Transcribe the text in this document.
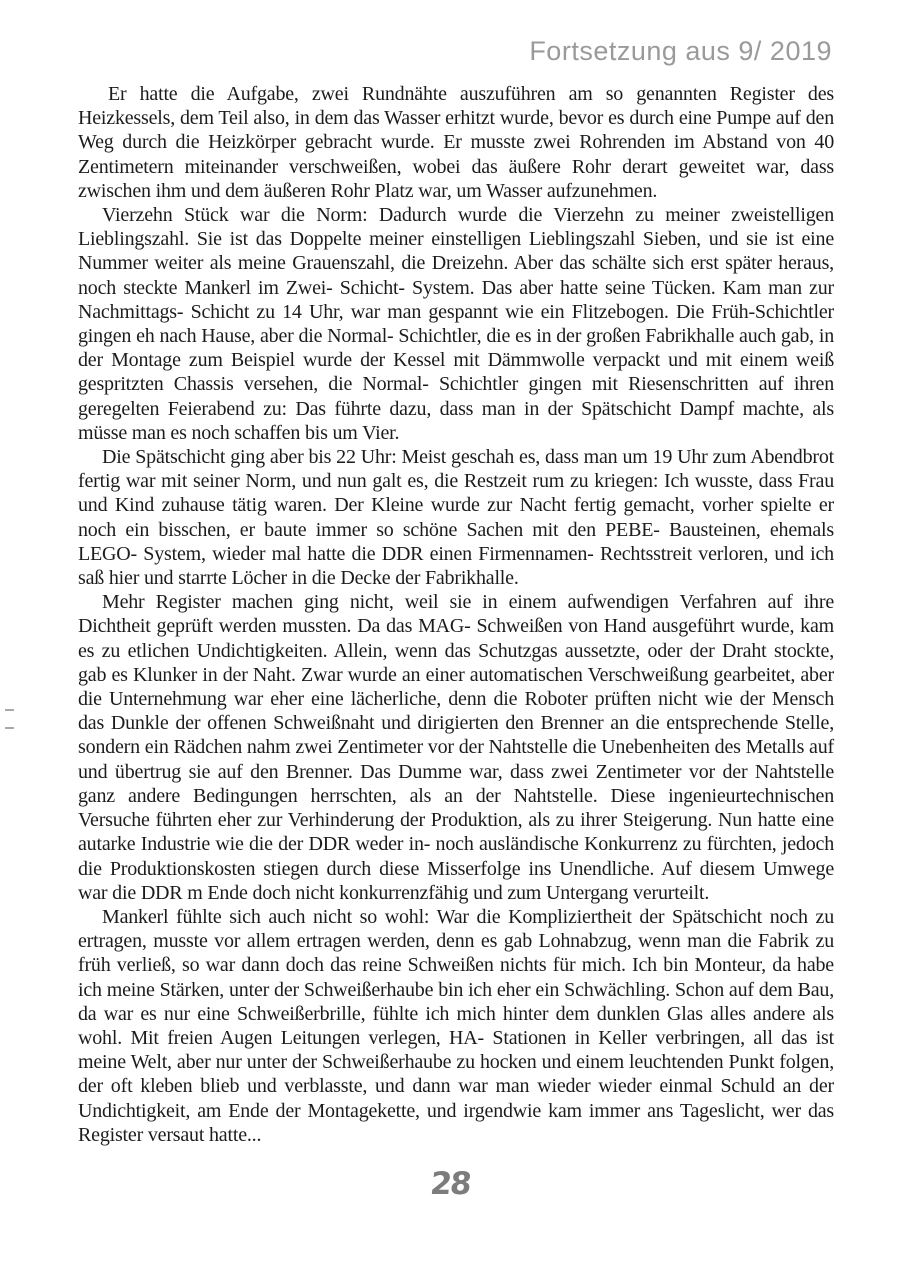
Fortsetzung aus 9/ 2019

Er hatte die Aufgabe, zwei Rundnähte auszuführen am so genannten Register des Heizkessels, dem Teil also, in dem das Wasser erhitzt wurde, bevor es durch eine Pumpe auf den Weg durch die Heizkörper gebracht wurde. Er musste zwei Rohrenden im Abstand von 40 Zentimetern miteinander verschweißen, wobei das äußere Rohr derart geweitet war, dass zwischen ihm und dem äußeren Rohr Platz war, um Wasser aufzunehmen.

Vierzehn Stück war die Norm: Dadurch wurde die Vierzehn zu meiner zweistelligen Lieblingszahl. Sie ist das Doppelte meiner einstelligen Lieblingszahl Sieben, und sie ist eine Nummer weiter als meine Grauenszahl, die Dreizehn. Aber das schälte sich erst später heraus, noch steckte Mankerl im Zwei- Schicht- System. Das aber hatte seine Tücken. Kam man zur Nachmittags- Schicht zu 14 Uhr, war man gespannt wie ein Flitzebogen. Die Früh-Schichtler gingen eh nach Hause, aber die Normal- Schichtler, die es in der großen Fabrikhalle auch gab, in der Montage zum Beispiel wurde der Kessel mit Dämmwolle verpackt und mit einem weiß gespritzten Chassis versehen, die Normal- Schichtler gingen mit Riesenschritten auf ihren geregelten Feierabend zu: Das führte dazu, dass man in der Spätschicht Dampf machte, als müsse man es noch schaffen bis um Vier.

Die Spätschicht ging aber bis 22 Uhr: Meist geschah es, dass man um 19 Uhr zum Abendbrot fertig war mit seiner Norm, und nun galt es, die Restzeit rum zu kriegen: Ich wusste, dass Frau und Kind zuhause tätig waren. Der Kleine wurde zur Nacht fertig gemacht, vorher spielte er noch ein bisschen, er baute immer so schöne Sachen mit den PEBE- Bausteinen, ehemals LEGO- System, wieder mal hatte die DDR einen Firmennamen- Rechtsstreit verloren, und ich saß hier und starrte Löcher in die Decke der Fabrikhalle.

Mehr Register machen ging nicht, weil sie in einem aufwendigen Verfahren auf ihre Dichtheit geprüft werden mussten. Da das MAG- Schweißen von Hand ausgeführt wurde, kam es zu etlichen Undichtigkeiten. Allein, wenn das Schutzgas aussetzte, oder der Draht stockte, gab es Klunker in der Naht. Zwar wurde an einer automatischen Verschweißung gearbeitet, aber die Unternehmung war eher eine lächerliche, denn die Roboter prüften nicht wie der Mensch das Dunkle der offenen Schweißnaht und dirigierten den Brenner an die entsprechende Stelle, sondern ein Rädchen nahm zwei Zentimeter vor der Nahtstelle die Unebenheiten des Metalls auf und übertrug sie auf den Brenner. Das Dumme war, dass zwei Zentimeter vor der Nahtstelle ganz andere Bedingungen herrschten, als an der Nahtstelle. Diese ingenieurtechnischen Versuche führten eher zur Verhinderung der Produktion, als zu ihrer Steigerung. Nun hatte eine autarke Industrie wie die der DDR weder in- noch ausländische Konkurrenz zu fürchten, jedoch die Produktionskosten stiegen durch diese Misserfolge ins Unendliche. Auf diesem Umwege war die DDR m Ende doch nicht konkurrenzfähig und zum Untergang verurteilt.

Mankerl fühlte sich auch nicht so wohl: War die Kompliziertheit der Spätschicht noch zu ertragen, musste vor allem ertragen werden, denn es gab Lohnabzug, wenn man die Fabrik zu früh verließ, so war dann doch das reine Schweißen nichts für mich. Ich bin Monteur, da habe ich meine Stärken, unter der Schweißerhaube bin ich eher ein Schwächling. Schon auf dem Bau, da war es nur eine Schweißerbrille, fühlte ich mich hinter dem dunklen Glas alles andere als wohl. Mit freien Augen Leitungen verlegen, HA- Stationen in Keller verbringen, all das ist meine Welt, aber nur unter der Schweißerhaube zu hocken und einem leuchtenden Punkt folgen, der oft kleben blieb und verblasste, und dann war man wieder wieder einmal Schuld an der Undichtigkeit, am Ende der Montagekette, und irgendwie kam immer ans Tageslicht, wer das Register versaut hatte...

28
